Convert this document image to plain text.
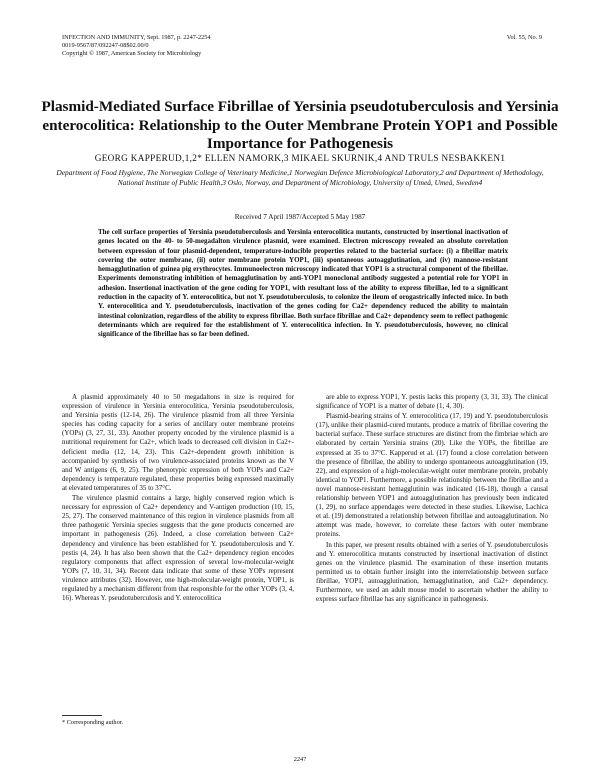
INFECTION AND IMMUNITY, Sept. 1987, p. 2247-2254	Vol. 55, No. 9
0019-9567/87/092247-08$02.00/0
Copyright © 1987, American Society for Microbiology
Plasmid-Mediated Surface Fibrillae of Yersinia pseudotuberculosis and Yersinia enterocolitica: Relationship to the Outer Membrane Protein YOP1 and Possible Importance for Pathogenesis
GEORG KAPPERUD,1,2* ELLEN NAMORK,3 MIKAEL SKURNIK,4 AND TRULS NESBAKKEN1
Department of Food Hygiene, The Norwegian College of Veterinary Medicine,1 Norwegian Defence Microbiological Laboratory,2 and Department of Methodology, National Institute of Public Health,3 Oslo, Norway, and Department of Microbiology, University of Umeå, Umeå, Sweden4
Received 7 April 1987/Accepted 5 May 1987
The cell surface properties of Yersinia pseudotuberculosis and Yersinia enterocolitica mutants, constructed by insertional inactivation of genes located on the 40- to 50-megadalton virulence plasmid, were examined. Electron microscopy revealed an absolute correlation between expression of four plasmid-dependent, temperature-inducible properties related to the bacterial surface: (i) a fibrillar matrix covering the outer membrane, (ii) outer membrane protein YOP1, (iii) spontaneous autoagglutination, and (iv) mannose-resistant hemagglutination of guinea pig erythrocytes. Immunoelectron microscopy indicated that YOP1 is a structural component of the fibrillae. Experiments demonstrating inhibition of hemagglutination by anti-YOP1 monoclonal antibody suggested a potential role for YOP1 in adhesion. Insertional inactivation of the gene coding for YOP1, with resultant loss of the ability to express fibrillae, led to a significant reduction in the capacity of Y. enterocolitica, but not Y. pseudotuberculosis, to colonize the ileum of orogastrically infected mice. In both Y. enterocolitica and Y. pseudotuberculosis, inactivation of the genes coding for Ca2+ dependency reduced the ability to maintain intestinal colonization, regardless of the ability to express fibrillae. Both surface fibrillae and Ca2+ dependency seem to reflect pathogenic determinants which are required for the establishment of Y. enterocolitica infection. In Y. pseudotuberculosis, however, no clinical significance of the fibrillae has so far been defined.

A plasmid approximately 40 to 50 megadaltons in size is required for expression of virulence in Yersinia enterocolitica, Yersinia pseudotuberculosis, and Yersinia pestis (12-14, 26). The virulence plasmid from all three Yersinia species has coding capacity for a series of ancillary outer membrane proteins (YOPs) (3, 27, 31, 33). Another property encoded by the virulence plasmid is a nutritional requirement for Ca2+, which leads to decreased cell division in Ca2+-deficient media (12, 14, 23). This Ca2+-dependent growth inhibition is accompanied by synthesis of two virulence-associated proteins known as the V and W antigens (6, 9, 25). The phenotypic expression of both YOPs and Ca2+ dependency is temperature regulated, these properties being expressed maximally at elevated temperatures of 35 to 37°C.

The virulence plasmid contains a large, highly conserved region which is necessary for expression of Ca2+ dependency and V-antigen production (10, 15, 25, 27). The conserved maintenance of this region in virulence plasmids from all three pathogenic Yersinia species suggests that the gene products concerned are important in pathogenesis (26). Indeed, a close correlation between Ca2+ dependency and virulence has been established for Y. pseudotuberculosis and Y. pestis (4, 24). It has also been shown that the Ca2+ dependency region encodes regulatory components that affect expression of several low-molecular-weight YOPs (7, 10, 31, 34). Recent data indicate that some of these YOPs represent virulence attributes (32). However, one high-molecular-weight protein, YOP1, is regulated by a mechanism different from that responsible for the other YOPs (3, 4, 16). Whereas Y. pseudotuberculosis and Y. enterocolitica

are able to express YOP1, Y. pestis lacks this property (3, 31, 33). The clinical significance of YOP1 is a matter of debate (1, 4, 30).

Plasmid-bearing strains of Y. enterocolitica (17, 19) and Y. pseudotuberculosis (17), unlike their plasmid-cured mutants, produce a matrix of fibrillae covering the bacterial surface. These surface structures are distinct from the fimbriae which are elaborated by certain Yersinia strains (20). Like the YOPs, the fibrillae are expressed at 35 to 37°C. Kapperud et al. (17) found a close correlation between the presence of fibrillae, the ability to undergo spontaneous autoagglutination (19, 22), and expression of a high-molecular-weight outer membrane protein, probably identical to YOP1. Furthermore, a possible relationship between the fibrillae and a novel mannose-resistant hemagglutinin was indicated (16-18), though a causal relationship between YOP1 and autoagglutination has previously been indicated (1, 29), no surface appendages were detected in these studies. Likewise, Lachica et al. (19) demonstrated a relationship between fibrillae and autoagglutination. No attempt was made, however, to correlate these factors with outer membrane proteins.

In this paper, we present results obtained with a series of Y. pseudotuberculosis and Y. enterocolitica mutants constructed by insertional inactivation of distinct genes on the virulence plasmid. The examination of these insertion mutants permitted us to obtain further insight into the interrelationship between surface fibrillae, YOP1, autoagglutination, hemagglutination, and Ca2+ dependency. Furthermore, we used an adult mouse model to ascertain whether the ability to express surface fibrillae has any significance in pathogenesis.

* Corresponding author.
2247
